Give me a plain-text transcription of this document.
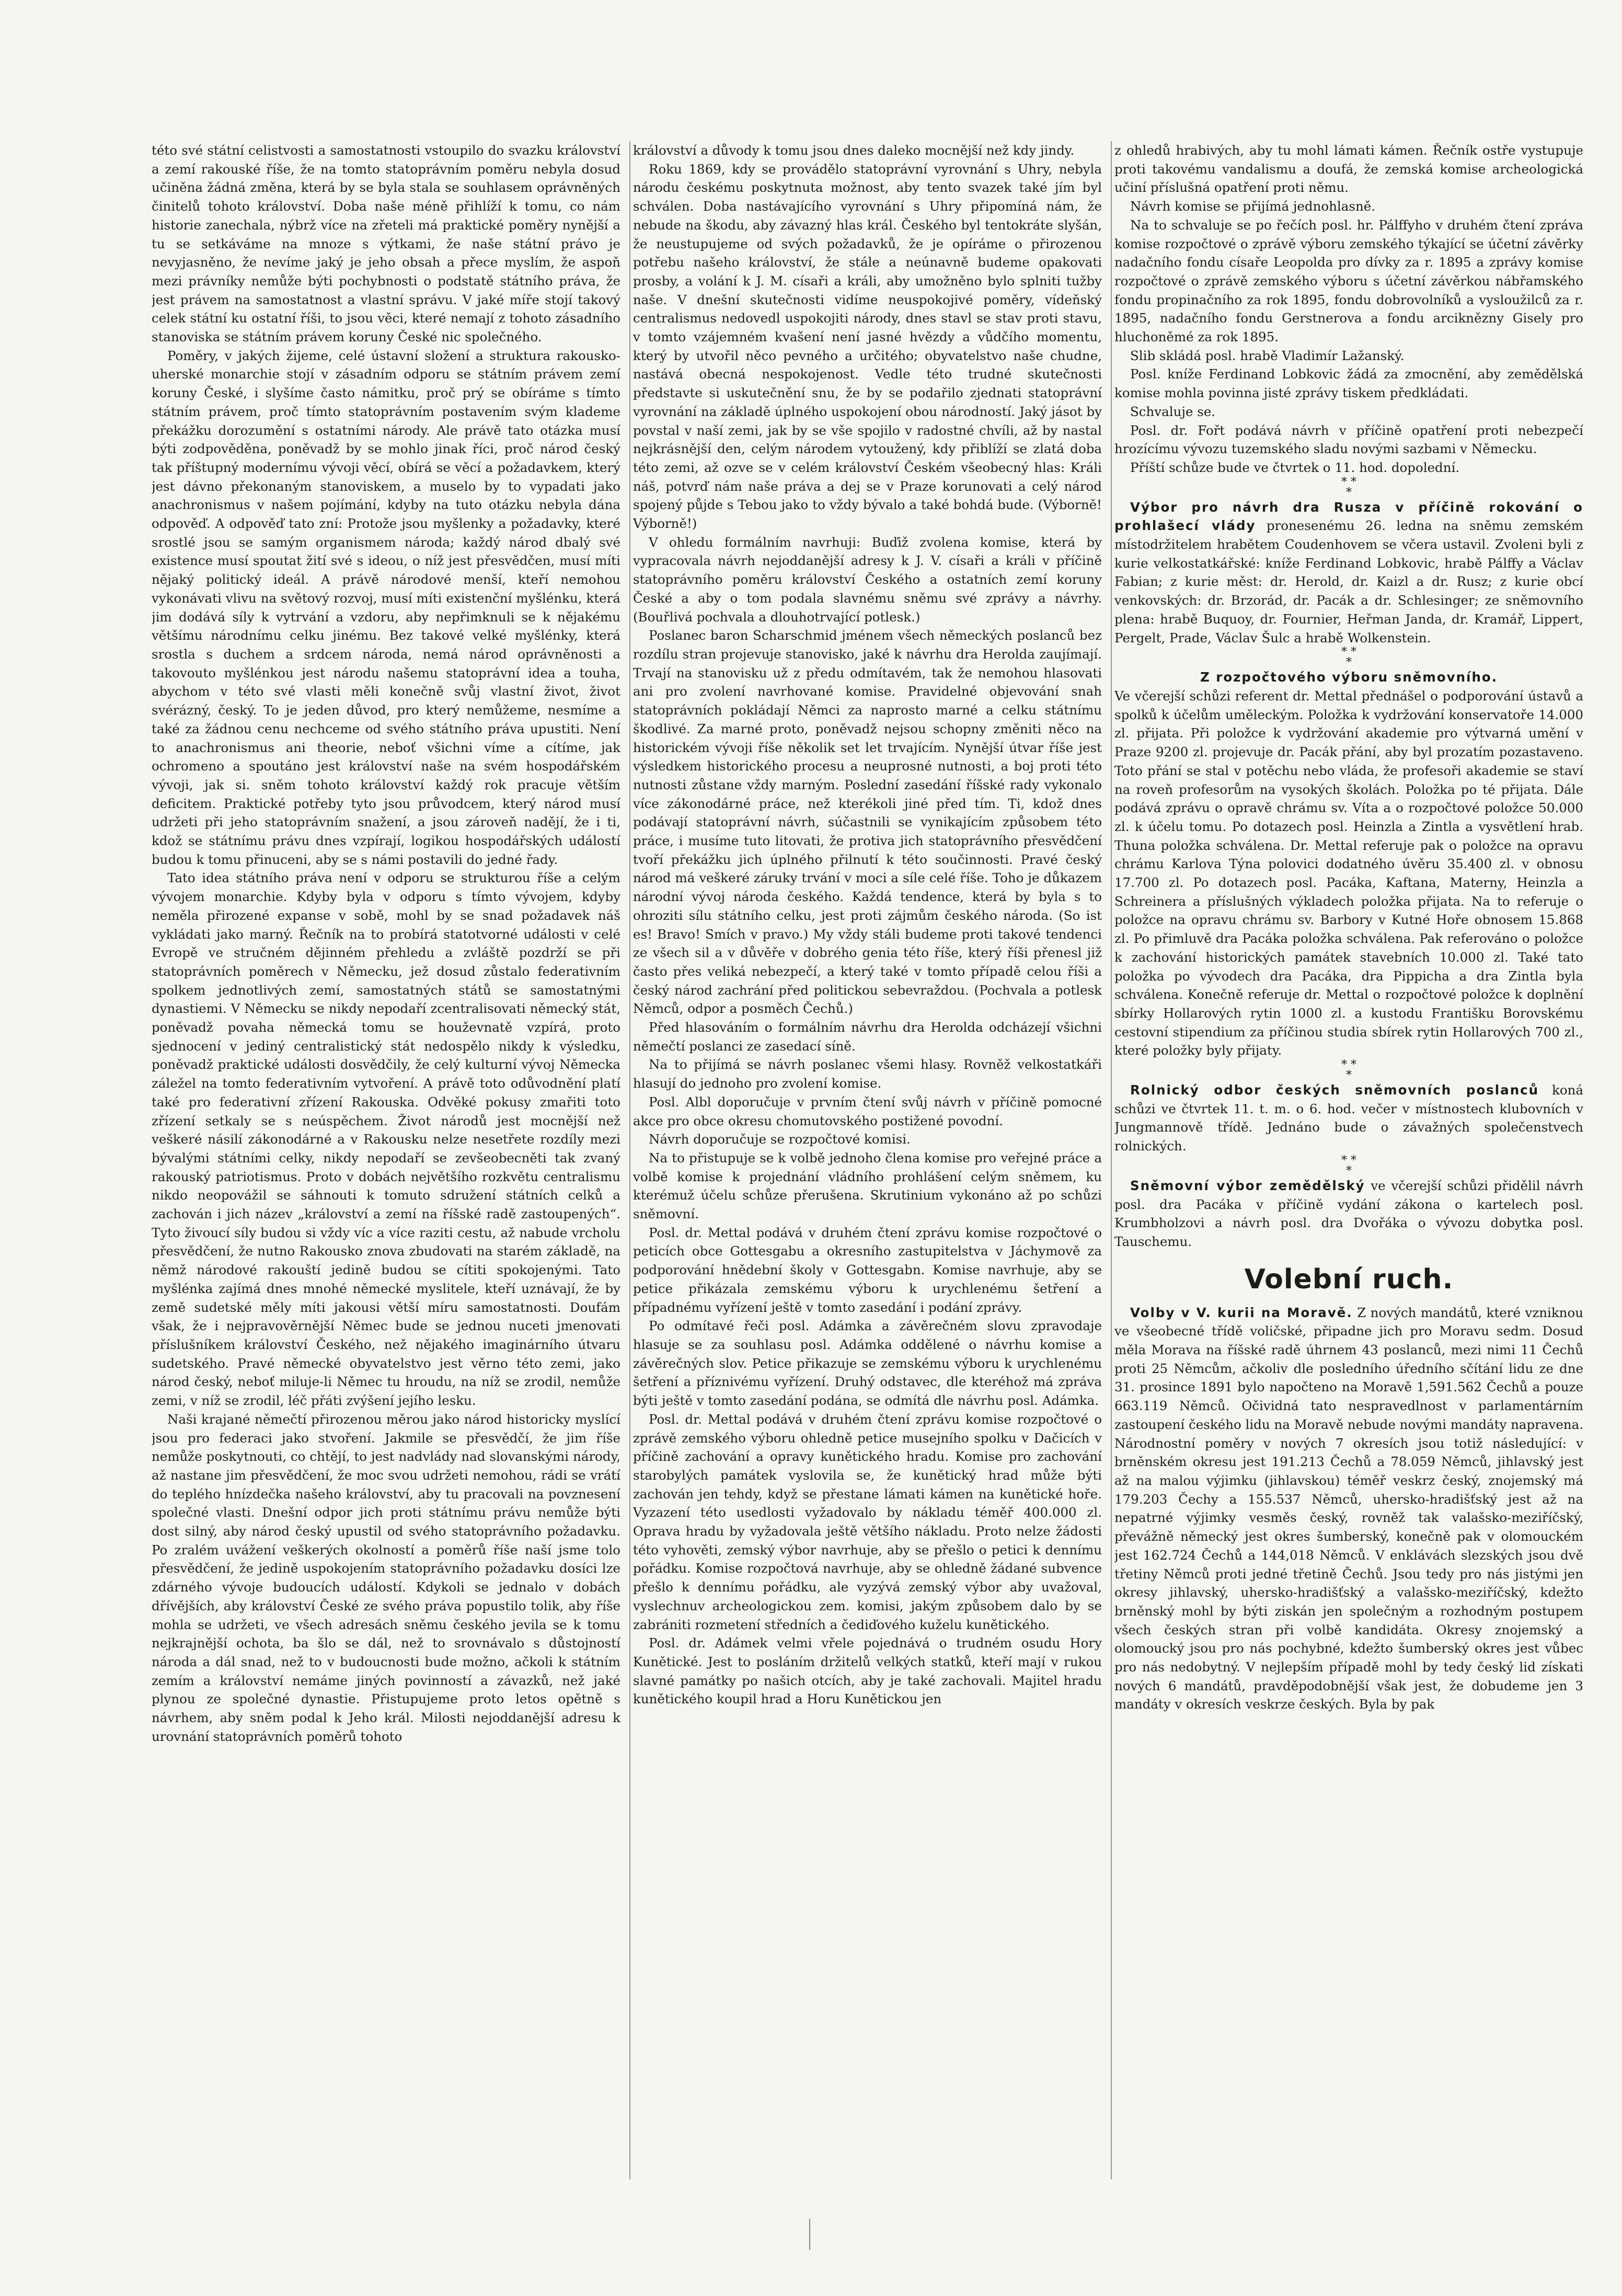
této své státní celistvosti a samostatnosti vstoupilo do svazku království a zemí rakouské říše, že na tomto statoprávním poměru nebyla dosud učiněna žádná změna, která by se byla stala se souhlasem oprávněných činitelů tohoto království. Doba naše méně přihlíží k tomu, co nám historie zanechala, nýbrž více na zřeteli má praktické poměry nynější a tu se setkáváme na mnoze s výtkami, že naše státní právo je nevyjasněno, že nevíme jaký je jeho obsah a přece myslím, že aspoň mezi právníky nemůže býti pochybnosti o podstatě státního práva, že jest právem na samostatnost a vlastní správu. V jaké míře stojí takový celek státní ku ostatní říši, to jsou věci, které nemají z tohoto zásadního stanoviska se státním právem koruny České nic společného.

Poměry, v jakých žijeme, celé ústavní složení a struktura rakousko-uherské monarchie stojí v zásadním odporu se státním právem zemí koruny České, i slyšíme často námitku, proč prý se obíráme s tímto státním právem, proč tímto statoprávním postavením svým klademe překážku dorozumění s ostatními národy. Ale právě tato otázka musí býti zodpověděna, poněvadž by se mohlo jinak říci, proč národ český tak příštupný modernímu vývoji věcí, obírá se věcí a požadavkem, který jest dávno překonaným stanoviskem, a muselo by to vypadati jako anachronismus v našem pojímání, kdyby na tuto otázku nebyla dána odpověď. A odpověď tato zní: Protože jsou myšlenky a požadavky, které srostlé jsou se samým organismem národa; každý národ dbalý své existence musí spoutat žití své s ideou, o níž jest přesvědčen, musí míti nějaký politický ideál. A právě národové menší, kteří nemohou vykonávati vlivu na světový rozvoj, musí míti existenční myšlénku, která jim dodává síly k vytrvání a vzdoru, aby nepřimknuli se k nějakému většímu národnímu celku jinému. Bez takové velké myšlénky, která srostla s duchem a srdcem národa, nemá národ oprávněnosti a takovouto myšlénkou jest národu našemu statoprávní idea a touha, abychom v této své vlasti měli konečně svůj vlastní život, život svérázný, český. To je jeden důvod, pro který nemůžeme, nesmíme a také za žádnou cenu nechceme od svého státního práva upustiti. Není to anachronismus ani theorie, neboť všichni víme a cítíme, jak ochromeno a spoutáno jest království naše na svém hospodářském vývoji, jak si. sněm tohoto království každý rok pracuje větším deficitem. Praktické potřeby tyto jsou průvodcem, který národ musí udržeti při jeho statoprávním snažení, a jsou zároveň nadějí, že i ti, kdož se státnímu právu dnes vzpírají, logikou hospodářských událostí budou k tomu přinuceni, aby se s námi postavili do jedné řady.

Tato idea státního práva není v odporu se strukturou říše a celým vývojem monarchie. Kdyby byla v odporu s tímto vývojem, kdyby neměla přirozené expanse v sobě, mohl by se snad požadavek náš vykládati jako marný. Řečník na to probírá statotvorné události v celé Evropě ve stručném dějinném přehledu a zvláště pozdrží se při statoprávních poměrech v Německu, jež dosud zůstalo federativním spolkem jednotlivých zemí, samostatných států se samostatnými dynastiemi. V Německu se nikdy nepodaří zcentralisovati německý stát, poněvadž povaha německá tomu se houževnatě vzpírá, proto sjednocení v jediný centralistický stát nedospělo nikdy k výsledku, poněvadž praktické události dosvědčily, že celý kulturní vývoj Německa záležel na tomto federativním vytvoření. A právě toto odůvodnění platí také pro federativní zřízení Rakouska. Odvěké pokusy zmařiti toto zřízení setkaly se s neúspěchem. Život národů jest mocnější než veškeré násilí zákonodárné a v Rakousku nelze nesetřete rozdíly mezi bývalými státními celky, nikdy nepodaří se zevšeobecněti tak zvaný rakouský patriotismus. Proto v dobách největšího rozkvětu centralismu nikdo neopovážil se sáhnouti k tomuto sdružení státních celků a zachován i jich název „království a zemí na říšské radě zastoupených“. Tyto živoucí síly budou si vždy víc a více raziti cestu, až nabude vrcholu přesvědčení, že nutno Rakousko znova zbudovati na starém základě, na němž národové rakouští jedině budou se cítiti spokojenými. Tato myšlénka zajímá dnes mnohé německé myslitele, kteří uznávají, že by země sudetské měly míti jakousi větší míru samostatnosti. Doufám však, že i nejpravověrnější Němec bude se jednou nuceti jmenovati příslušníkem království Českého, než nějakého imaginárního útvaru sudetského. Pravé německé obyvatelstvo jest věrno této zemi, jako národ český, neboť miluje-li Němec tu hroudu, na níž se zrodil, nemůže zemi, v níž se zrodil, léč přáti zvýšení jejího lesku.

Naši krajané němečtí přirozenou měrou jako národ historicky myslící jsou pro federaci jako stvoření. Jakmile se přesvědčí, že jim říše nemůže poskytnouti, co chtějí, to jest nadvlády nad slovanskými národy, až nastane jim přesvědčení, že moc svou udržeti nemohou, rádi se vrátí do teplého hnízdečka našeho království, aby tu pracovali na povznesení společné vlasti. Dnešní odpor jich proti státnímu právu nemůže býti dost silný, aby národ český upustil od svého statoprávního požadavku. Po zralém uvážení veškerých okolností a poměrů říše naší jsme tolo přesvědčení, že jedině uspokojením statoprávního požadavku dosíci lze zdárného vývoje budoucích událostí. Kdykoli se jednalo v dobách dřívějších, aby království České ze svého práva popustilo tolik, aby říše mohla se udržeti, ve všech adresách sněmu českého jevila se k tomu nejkrajnější ochota, ba šlo se dál, než to srovnávalo s důstojností národa a dál snad, než to v budoucnosti bude možno, ačkoli k státním zemím a království nemáme jiných povinností a závazků, než jaké plynou ze společné dynastie. Přistupujeme proto letos opětně s návrhem, aby sněm podal k Jeho král. Milosti nejoddanější adresu k urovnání statoprávních poměrů tohoto

království a důvody k tomu jsou dnes daleko mocnější než kdy jindy.

Roku 1869, kdy se provádělo statoprávní vyrovnání s Uhry, nebyla národu českému poskytnuta možnost, aby tento svazek také jím byl schválen. Doba nastávajícího vyrovnání s Uhry připomíná nám, že nebude na škodu, aby závazný hlas král. Českého byl tentokráte slyšán, že neustupujeme od svých požadavků, že je opíráme o přirozenou potřebu našeho království, že stále a neúnavně budeme opakovati prosby, a volání k J. M. císaři a králi, aby umožněno bylo splniti tužby naše. V dnešní skutečnosti vidíme neuspokojivé poměry, vídeňský centralismus nedovedl uspokojiti národy, dnes stavl se stav proti stavu, v tomto vzájemném kvašení není jasné hvězdy a vůdčího momentu, který by utvořil něco pevného a určitého; obyvatelstvo naše chudne, nastává obecná nespokojenost. Vedle této trudné skutečnosti představte si uskutečnění snu, že by se podařilo zjednati statoprávní vyrovnání na základě úplného uspokojení obou národností. Jaký jásot by povstal v naší zemi, jak by se vše spojilo v radostné chvíli, až by nastal nejkrásnější den, celým národem vytoužený, kdy přiblíží se zlatá doba této zemi, až ozve se v celém království Českém všeobecný hlas: Králi náš, potvrď nám naše práva a dej se v Praze korunovati a celý národ spojený půjde s Tebou jako to vždy bývalo a také bohdá bude. (Výborně! Výborně!)

V ohledu formálním navrhuji: Buďiž zvolena komise, která by vypracovala návrh nejoddanější adresy k J. V. císaři a králi v příčině statoprávního poměru království Českého a ostatních zemí koruny České a aby o tom podala slavnému sněmu své zprávy a návrhy. (Bouřlivá pochvala a dlouhotrvající potlesk.)

Poslanec baron Scharschmid jménem všech německých poslanců bez rozdílu stran projevuje stanovisko, jaké k návrhu dra Herolda zaujímají. Trvají na stanovisku už z předu odmítavém, tak že nemohou hlasovati ani pro zvolení navrhované komise. Pravidelné objevování snah statoprávních pokládají Němci za naprosto marné a celku státnímu škodlivé. Za marné proto, poněvadž nejsou schopny změniti něco na historickém vývoji říše několik set let trvajícím. Nynější útvar říše jest výsledkem historického procesu a neuprosné nutnosti, a boj proti této nutnosti zůstane vždy marným. Poslední zasedání říšské rady vykonalo více zákonodárné práce, než kterékoli jiné před tím. Ti, kdož dnes podávají statoprávní návrh, súčastnili se vynikajícím způsobem této práce, i musíme tuto litovati, že protiva jich statoprávního přesvědčení tvoří překážku jich úplného přilnutí k této součinnosti. Pravé český národ má veškeré záruky trvání v moci a síle celé říše. Toho je důkazem národní vývoj národa českého. Každá tendence, která by byla s to ohroziti sílu státního celku, jest proti zájmům českého národa. (So ist es! Bravo! Smích v pravo.) My vždy stáli budeme proti takové tendenci ze všech sil a v důvěře v dobrého genia této říše, který říši přenesl již často přes veliká nebezpečí, a který také v tomto případě celou říši a český národ zachrání před politickou sebevraždou. (Pochvala a potlesk Němců, odpor a posměch Čechů.)

Před hlasováním o formálním návrhu dra Herolda odcházejí všichni němečtí poslanci ze zasedací síně.

Na to přijímá se návrh poslanec všemi hlasy. Rovněž velkostatkáři hlasují do jednoho pro zvolení komise.

Posl. Albl doporučuje v prvním čtení svůj návrh v příčině pomocné akce pro obce okresu chomutovského postižené povodní.

Návrh doporučuje se rozpočtové komisi.

Na to přistupuje se k volbě jednoho člena komise pro veřejné práce a volbě komise k projednání vládního prohlášení celým sněmem, ku kterémuž účelu schůze přerušena. Skrutinium vykonáno až po schůzi sněmovní.

Posl. dr. Mettal podává v druhém čtení zprávu komise rozpočtové o peticích obce Gottesgabu a okresního zastupitelstva v Jáchymově za podporování hnědební školy v Gottesgabn. Komise navrhuje, aby se petice přikázala zemskému výboru k urychlenému šetření a případnému vyřízení ještě v tomto zasedání i podání zprávy.

Po odmítavé řeči posl. Adámka a závěrečném slovu zpravodaje hlasuje se za souhlasu posl. Adámka oddělené o návrhu komise a závěrečných slov. Petice přikazuje se zemskému výboru k urychlenému šetření a příznivému vyřízení. Druhý odstavec, dle kteréhož má zpráva býti ještě v tomto zasedání podána, se odmítá dle návrhu posl. Adámka.

Posl. dr. Mettal podává v druhém čtení zprávu komise rozpočtové o zprávě zemského výboru ohledně petice musejního spolku v Dačicích v příčině zachování a opravy kunětického hradu. Komise pro zachování starobylých památek vyslovila se, že kunětický hrad může býti zachován jen tehdy, když se přestane lámati kámen na kunětické hoře. Vyzazení této usedlosti vyžadovalo by nákladu téměř 400.000 zl. Oprava hradu by vyžadovala ještě většího nákladu. Proto nelze žádosti této vyhověti, zemský výbor navrhuje, aby se přešlo o petici k dennímu pořádku. Komise rozpočtová navrhuje, aby se ohledně žádané subvence přešlo k dennímu pořádku, ale vyzývá zemský výbor aby uvažoval, vyslechnuv archeologickou zem. komisi, jakým způsobem dalo by se zabrániti rozmetení středních a čediďového kuželu kunětického.

Posl. dr. Adámek velmi vřele pojednává o trudném osudu Hory Kunětické. Jest to posláním držitelů velkých statků, kteří mají v rukou slavné památky po našich otcích, aby je také zachovali. Majitel hradu kunětického koupil hrad a Horu Kunětickou jen

z ohledů hrabivých, aby tu mohl lámati kámen. Řečník ostře vystupuje proti takovému vandalismu a doufá, že zemská komise archeologická učiní příslušná opatření proti němu.

Návrh komise se přijímá jednohlasně.

Na to schvaluje se po řečích posl. hr. Pálffyho v druhém čtení zpráva komise rozpočtové o zprávě výboru zemského týkající se účetní závěrky nadačního fondu císaře Leopolda pro dívky za r. 1895 a zprávy komise rozpočtové o zprávě zemského výboru s účetní závěrkou nábřamského fondu propinačního za rok 1895, fondu dobrovolníků a vysloužilců za r. 1895, nadačního fondu Gerstnerova a fondu arciknězny Gisely pro hluchoněmé za rok 1895.

Slib skládá posl. hrabě Vladimír Lažanský.

Posl. kníže Ferdinand Lobkovic žádá za zmocnění, aby zemědělská komise mohla povinna jisté zprávy tiskem předkládati.

Schvaluje se.

Posl. dr. Fořt podává návrh v příčině opatření proti nebezpečí hrozícímu vývozu tuzemského sladu novými sazbami v Německu.

Příští schůze bude ve čtvrtek o 11. hod. dopolední.

* *
*

Výbor pro návrh dra Rusza v příčině rokování o prohlašecí vlády pronesenému 26. ledna na sněmu zemském místodržitelem hrabětem Coudenhovem se včera ustavil. Zvoleni byli z kurie velkostatkářské: kníže Ferdinand Lobkovic, hrabě Pálffy a Václav Fabian; z kurie měst: dr. Herold, dr. Kaizl a dr. Rusz; z kurie obcí venkovských: dr. Brzorád, dr. Pacák a dr. Schlesinger; ze sněmovního plena: hrabě Buquoy, dr. Fournier, Heřman Janda, dr. Kramář, Lippert, Pergelt, Prade, Václav Šulc a hrabě Wolkenstein.

* *
*

Z rozpočtového výboru sněmovního.

Ve včerejší schůzi referent dr. Mettal přednášel o podporování ústavů a spolků k účelům uměleckým. Položka k vydržování konservatoře 14.000 zl. přijata. Při položce k vydržování akademie pro výtvarná umění v Praze 9200 zl. projevuje dr. Pacák přání, aby byl prozatím pozastaveno. Toto přání se stal v potěchu nebo vláda, že profesoři akademie se staví na roveň profesorům na vysokých školách. Položka po té přijata. Dále podává zprávu o opravě chrámu sv. Víta a o rozpočtové položce 50.000 zl. k účelu tomu. Po dotazech posl. Heinzla a Zintla a vysvětlení hrab. Thuna položka schválena. Dr. Mettal referuje pak o položce na opravu chrámu Karlova Týna polovici dodatného úvěru 35.400 zl. v obnosu 17.700 zl. Po dotazech posl. Pacáka, Kaftana, Materny, Heinzla a Schreinera a příslušných výkladech položka přijata. Na to referuje o položce na opravu chrámu sv. Barbory v Kutné Hoře obnosem 15.868 zl. Po přimluvě dra Pacáka položka schválena. Pak referováno o položce k zachování historických památek stavebních 10.000 zl. Také tato položka po vývodech dra Pacáka, dra Pippicha a dra Zintla byla schválena. Konečně referuje dr. Mettal o rozpočtové položce k doplnění sbírky Hollarových rytin 1000 zl. a kustodu Františku Borovskému cestovní stipendium za příčinou studia sbírek rytin Hollarových 700 zl., které položky byly přijaty.

* *
*

Rolnický odbor českých sněmovních poslanců koná schůzi ve čtvrtek 11. t. m. o 6. hod. večer v místnostech klubovních v Jungmannově třídě. Jednáno bude o závažných společenstvech rolnických.

* *
*

Sněmovní výbor zemědělský ve včerejší schůzi přidělil návrh posl. dra Pacáka v příčině vydání zákona o kartelech posl. Krumbholzovi a návrh posl. dra Dvořáka o vývozu dobytka posl. Tauschemu.

Volební ruch.

Volby v V. kurii na Moravě. Z nových mandátů, které vzniknou ve všeobecné třídě voličské, připadne jich pro Moravu sedm. Dosud měla Morava na říšské radě úhrnem 43 poslanců, mezi nimi 11 Čechů proti 25 Němcům, ačkoliv dle posledního úředního sčítání lidu ze dne 31. prosince 1891 bylo napočteno na Moravě 1,591.562 Čechů a pouze 663.119 Němců. Očividná tato nespravedlnost v parlamentárním zastoupení českého lidu na Moravě nebude novými mandáty napravena. Národnostní poměry v nových 7 okresích jsou totiž následující: v brněnském okresu jest 191.213 Čechů a 78.059 Němců, jihlavský jest až na malou výjimku (jihlavskou) téměř veskrz český, znojemský má 179.203 Čechy a 155.537 Němců, uhersko-hradišťský jest až na nepatrné výjimky vesměs český, rovněž tak valašsko-meziříčský, převážně německý jest okres šumberský, konečně pak v olomouckém jest 162.724 Čechů a 144,018 Němců. V enklávách slezských jsou dvě třetiny Němců proti jedné třetině Čechů. Jsou tedy pro nás jistými jen okresy jihlavský, uhersko-hradišťský a valašsko-meziříčský, kdežto brněnský mohl by býti ziskán jen společným a rozhodným postupem všech českých stran při volbě kandidáta. Okresy znojemský a olomoucký jsou pro nás pochybné, kdežto šumberský okres jest vůbec pro nás nedobytný. V nejlepším případě mohl by tedy český lid získati nových 6 mandátů, pravděpodobnější však jest, že dobudeme jen 3 mandáty v okresích veskrze českých. Byla by pak
